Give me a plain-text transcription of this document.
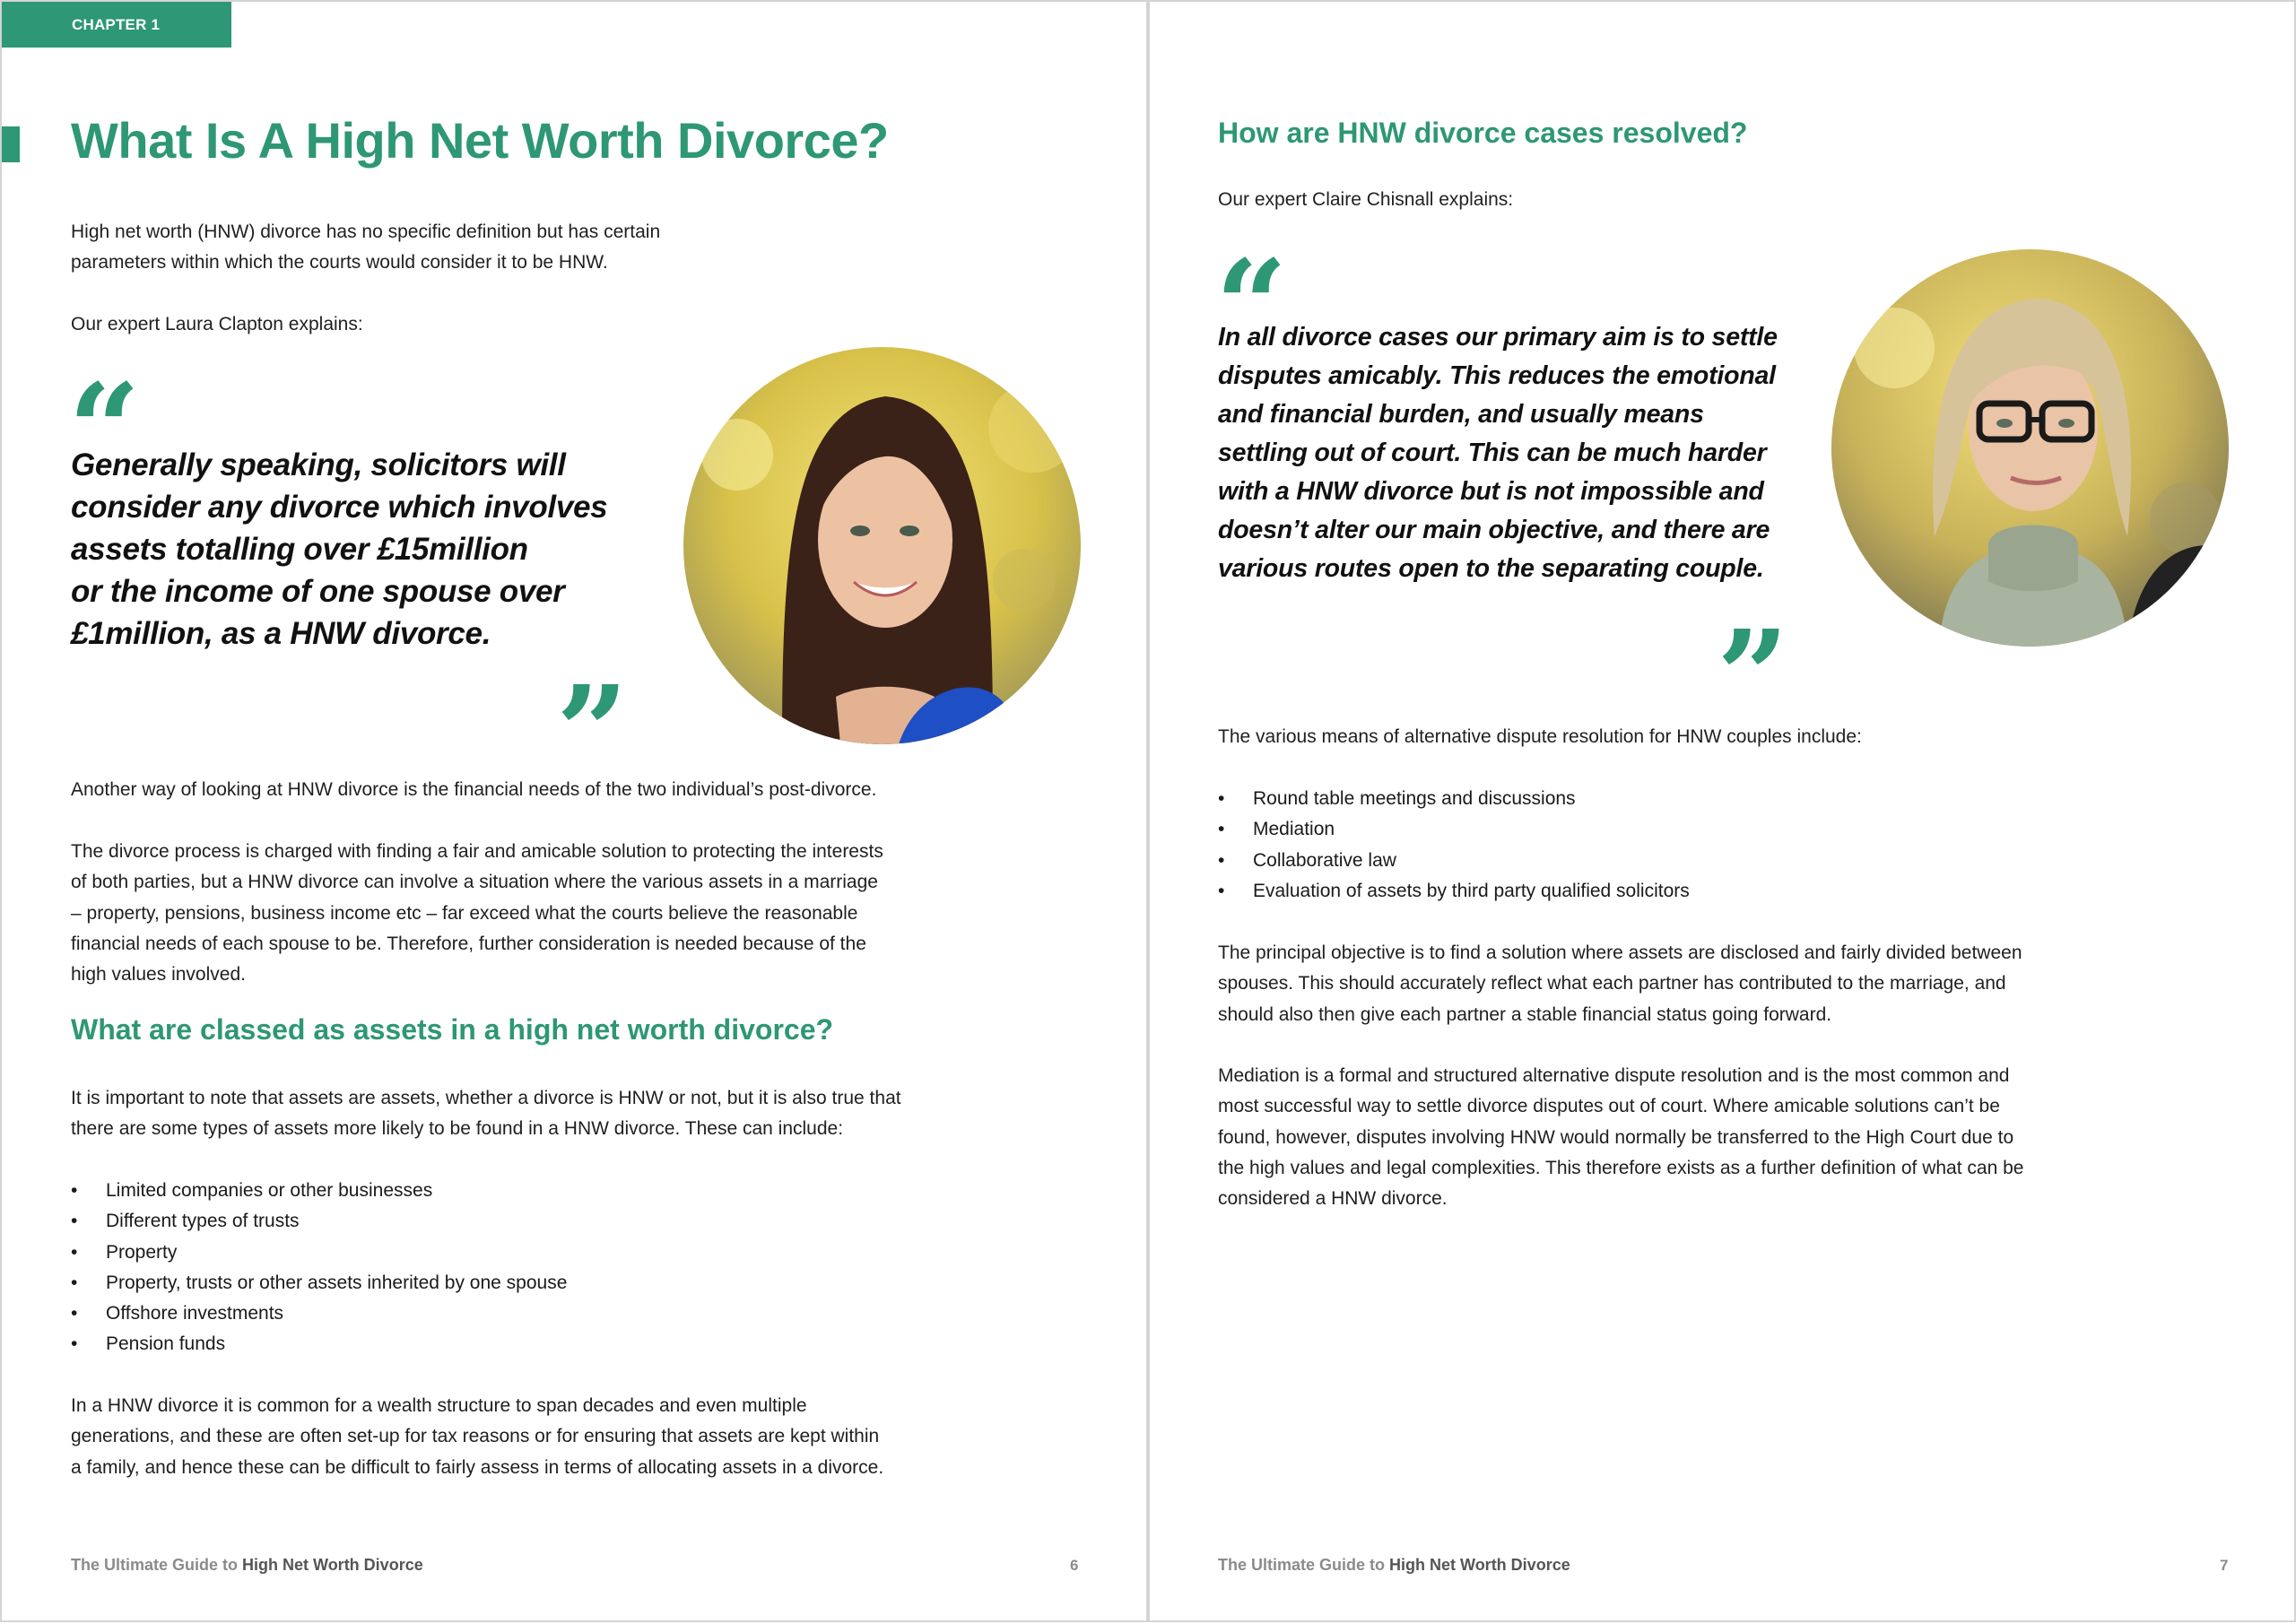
CHAPTER 1
What Is A High Net Worth Divorce?

High net worth (HNW) divorce has no specific definition but has certain
parameters within which the courts would consider it to be HNW.

Our expert Laura Clapton explains:

“

Generally speaking, solicitors will
consider any divorce which involves
assets totalling over £15million
or the income of one spouse over
£1million, as a HNW divorce.

”

Another way of looking at HNW divorce is the financial needs of the two individual’s post-divorce.

The divorce process is charged with finding a fair and amicable solution to protecting the interests
of both parties, but a HNW divorce can involve a situation where the various assets in a marriage
– property, pensions, business income etc – far exceed what the courts believe the reasonable
financial needs of each spouse to be. Therefore, further consideration is needed because of the
high values involved.

What are classed as assets in a high net worth divorce?

It is important to note that assets are assets, whether a divorce is HNW or not, but it is also true that
there are some types of assets more likely to be found in a HNW divorce. These can include:

• Limited companies or other businesses
• Different types of trusts
• Property
• Property, trusts or other assets inherited by one spouse
• Offshore investments
• Pension funds

In a HNW divorce it is common for a wealth structure to span decades and even multiple
generations, and these are often set-up for tax reasons or for ensuring that assets are kept within
a family, and hence these can be difficult to fairly assess in terms of allocating assets in a divorce.

The Ultimate Guide to High Net Worth Divorce	6
How are HNW divorce cases resolved?

Our expert Claire Chisnall explains:

“

In all divorce cases our primary aim is to settle
disputes amicably. This reduces the emotional
and financial burden, and usually means
settling out of court. This can be much harder
with a HNW divorce but is not impossible and
doesn’t alter our main objective, and there are
various routes open to the separating couple.

”

The various means of alternative dispute resolution for HNW couples include:

• Round table meetings and discussions
• Mediation
• Collaborative law
• Evaluation of assets by third party qualified solicitors

The principal objective is to find a solution where assets are disclosed and fairly divided between
spouses. This should accurately reflect what each partner has contributed to the marriage, and
should also then give each partner a stable financial status going forward.

Mediation is a formal and structured alternative dispute resolution and is the most common and
most successful way to settle divorce disputes out of court. Where amicable solutions can’t be
found, however, disputes involving HNW would normally be transferred to the High Court due to
the high values and legal complexities. This therefore exists as a further definition of what can be
considered a HNW divorce.

The Ultimate Guide to High Net Worth Divorce	7
